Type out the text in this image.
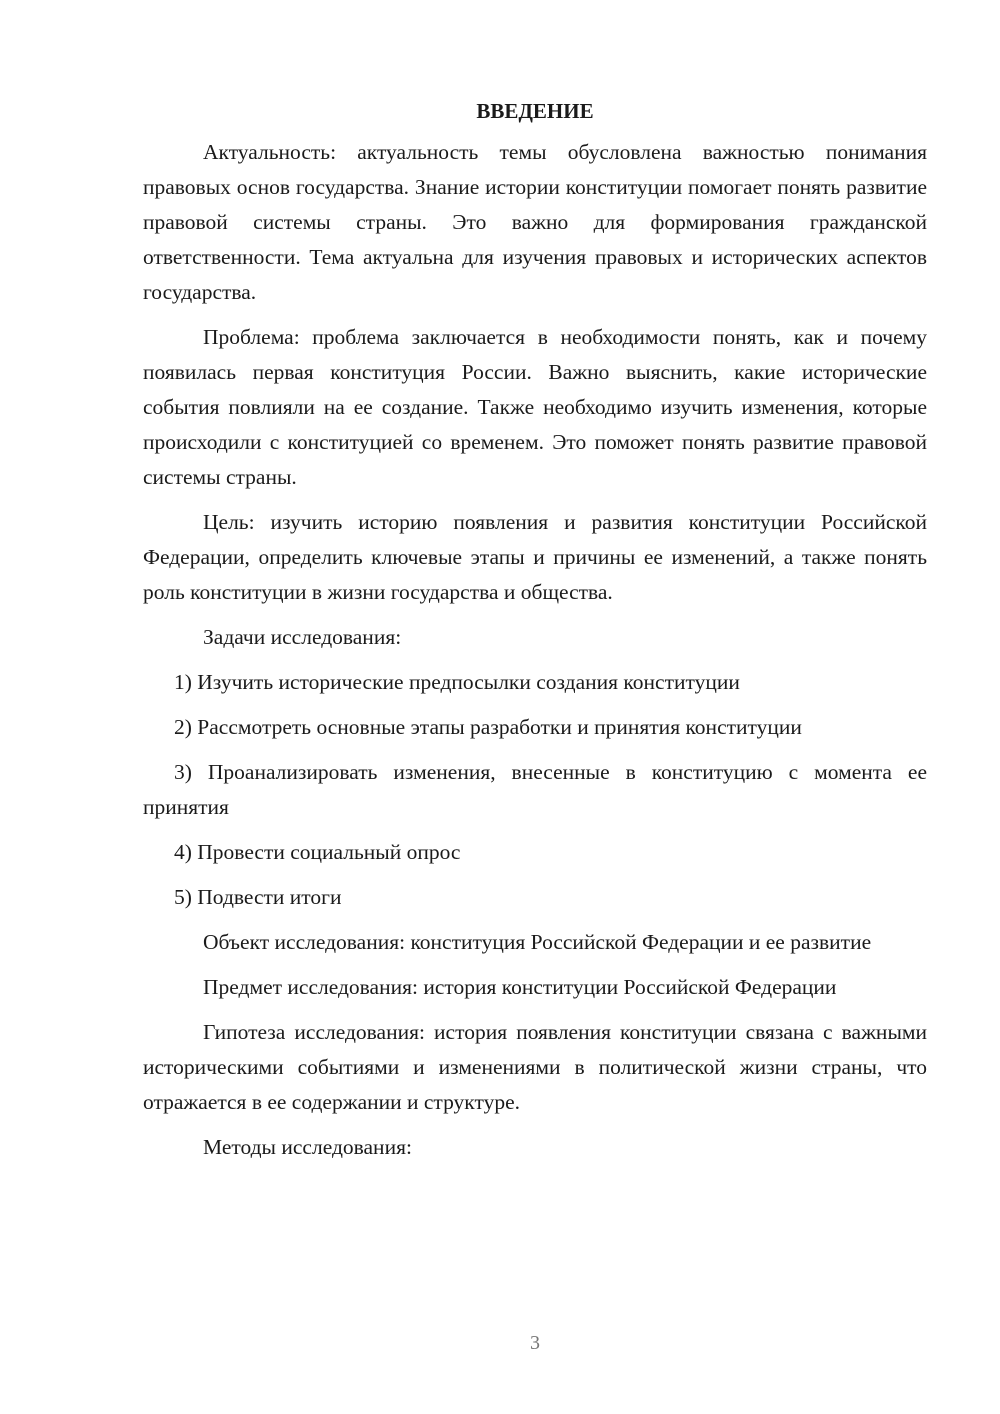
ВВЕДЕНИЕ

Актуальность: актуальность темы обусловлена важностью понимания правовых основ государства. Знание истории конституции помогает понять развитие правовой системы страны. Это важно для формирования гражданской ответственности. Тема актуальна для изучения правовых и исторических аспектов государства.

Проблема: проблема заключается в необходимости понять, как и почему появилась первая конституция России. Важно выяснить, какие исторические события повлияли на ее создание. Также необходимо изучить изменения, которые происходили с конституцией со временем. Это поможет понять развитие правовой системы страны.

Цель: изучить историю появления и развития конституции Российской Федерации, определить ключевые этапы и причины ее изменений, а также понять роль конституции в жизни государства и общества.

Задачи исследования:

1) Изучить исторические предпосылки создания конституции

2) Рассмотреть основные этапы разработки и принятия конституции

3) Проанализировать изменения, внесенные в конституцию с момента ее принятия

4) Провести социальный опрос

5) Подвести итоги

Объект исследования: конституция Российской Федерации и ее развитие

Предмет исследования: история конституции Российской Федерации

Гипотеза исследования: история появления конституции связана с важными историческими событиями и изменениями в политической жизни страны, что отражается в ее содержании и структуре.

Методы исследования:

3
